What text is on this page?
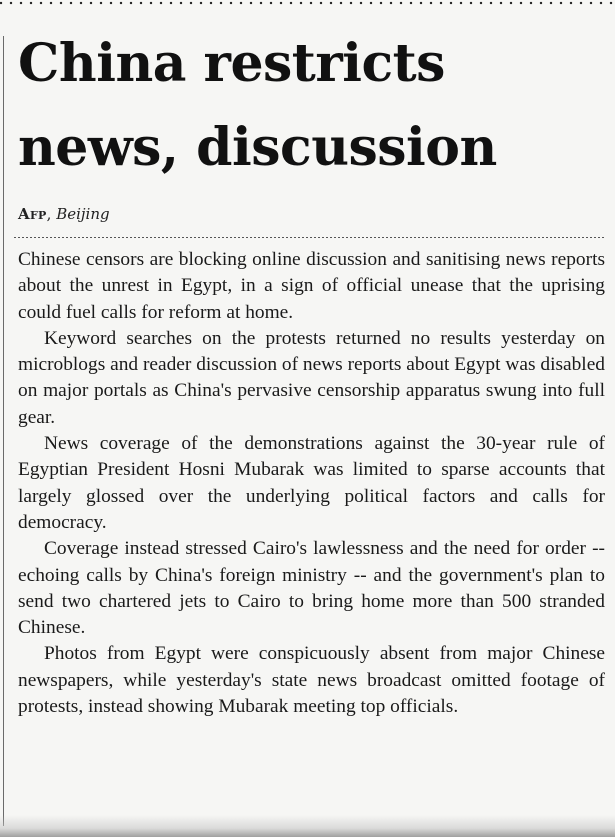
China restricts
news, discussion
Afp, Beijing

Chinese censors are blocking online discussion and sanitising news reports about the unrest in Egypt, in a sign of official unease that the uprising could fuel calls for reform at home.

Keyword searches on the protests returned no results yesterday on microblogs and reader discussion of news reports about Egypt was disabled on major portals as China's pervasive censorship apparatus swung into full gear.

News coverage of the demonstrations against the 30-year rule of Egyptian President Hosni Mubarak was limited to sparse accounts that largely glossed over the underlying political factors and calls for democracy.

Coverage instead stressed Cairo's lawlessness and the need for order -- echoing calls by China's foreign ministry -- and the government's plan to send two chartered jets to Cairo to bring home more than 500 stranded Chinese.

Photos from Egypt were conspicuously absent from major Chinese newspapers, while yesterday's state news broadcast omitted footage of protests, instead showing Mubarak meeting top officials.
